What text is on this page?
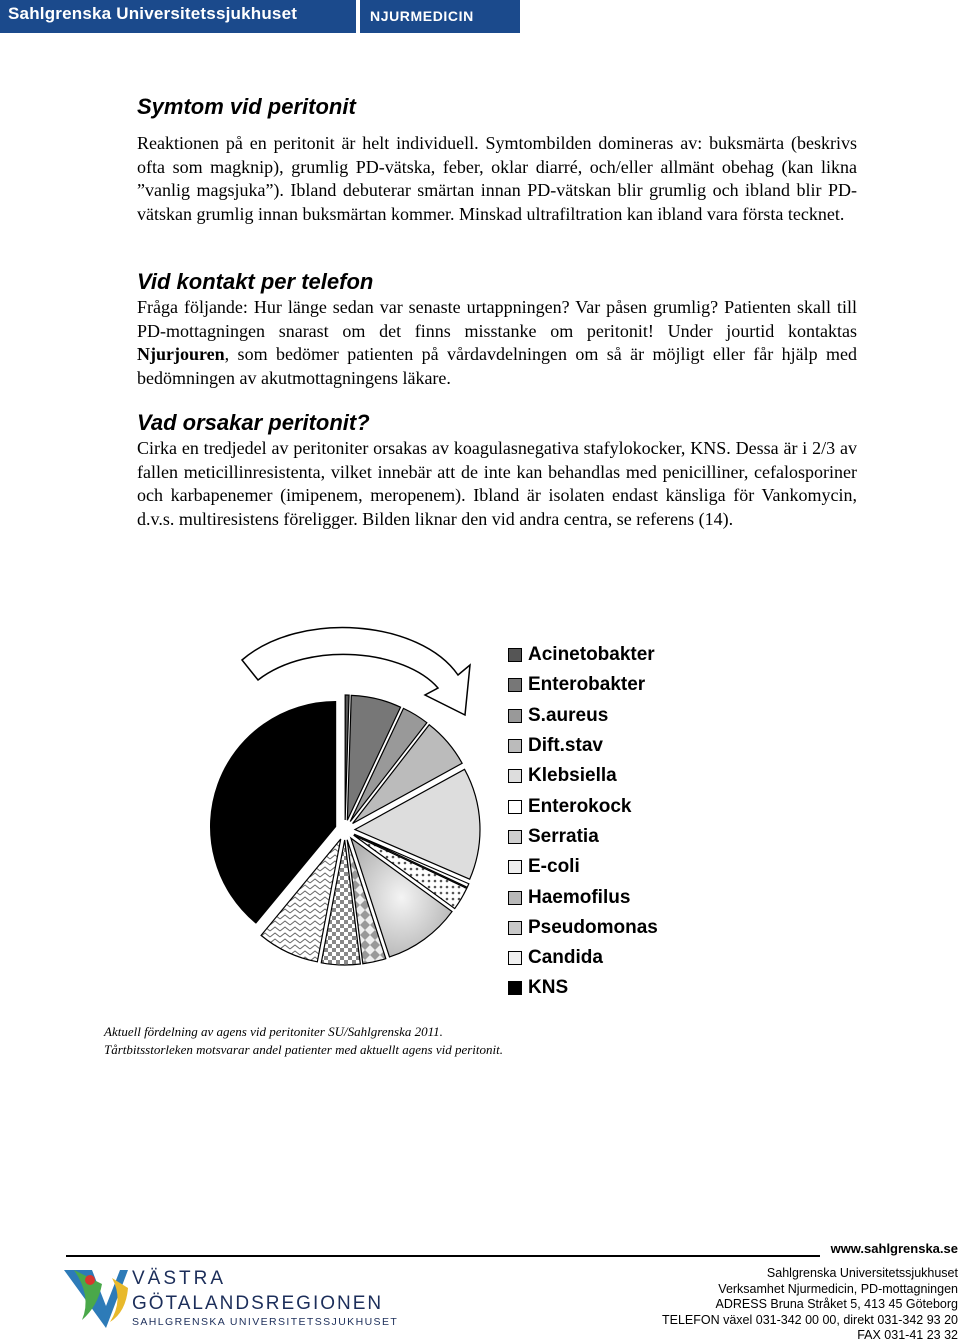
Sahlgrenska Universitetssjukhuset	NJURMEDICIN
Symtom vid peritonit

Reaktionen på en peritonit är helt individuell. Symtombilden domineras av: buksmärta (beskrivs ofta som magknip), grumlig PD-vätska, feber, oklar diarré, och/eller allmänt obehag (kan likna ”vanlig magsjuka”). Ibland debuterar smärtan innan PD-vätskan blir grumlig och ibland blir PD-vätskan grumlig innan buksmärtan kommer. Minskad ultrafiltration kan ibland vara första tecknet.

Vid kontakt per telefon

Fråga följande: Hur länge sedan var senaste urtappningen? Var påsen grumlig? Patienten skall till PD-mottagningen snarast om det finns misstanke om peritonit! Under jourtid kontaktas Njurjouren, som bedömer patienten på vårdavdelningen om så är möjligt eller får hjälp med bedömningen av akutmottagningens läkare.

Vad orsakar peritonit?

Cirka en tredjedel av peritoniter orsakas av koagulasnegativa stafylokocker, KNS. Dessa är i 2/3 av fallen meticillinresistenta, vilket innebär att de inte kan behandlas med penicilliner, cefalosporiner och karbapenemer (imipenem, meropenem). Ibland är isolaten endast känsliga för Vankomycin, d.v.s. multiresistens föreligger. Bilden liknar den vid andra centra, se referens (14).

Acinetobakter
Enterobakter
S.aureus
Dift.stav
Klebsiella
Enterokock
Serratia
E-coli
Haemofilus
Pseudomonas
Candida
KNS
Aktuell fördelning av agens vid peritoniter SU/Sahlgrenska 2011.
Tårtbitsstorleken motsvarar andel patienter med aktuellt agens vid peritonit.
www.sahlgrenska.se
Sahlgrenska Universitetssjukhuset
Verksamhet Njurmedicin, PD-mottagningen
ADRESS Bruna Stråket 5, 413 45 Göteborg
TELEFON växel 031-342 00 00, direkt 031-342 93 20
FAX 031-41 23 32
VÄSTRA
GÖTALANDSREGIONEN
SAHLGRENSKA UNIVERSITETSSJUKHUSET
